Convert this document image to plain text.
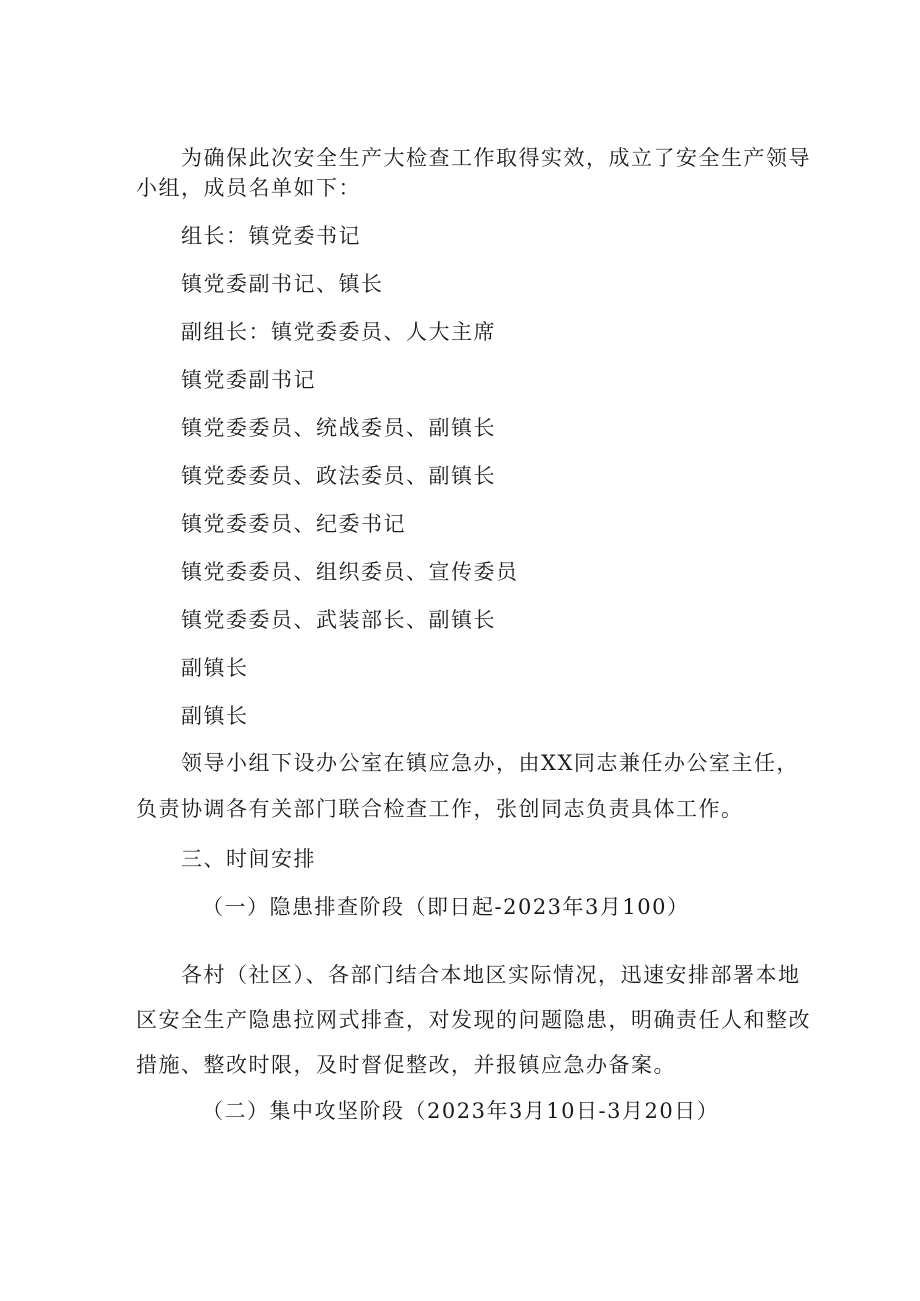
为确保此次安全生产大检查工作取得实效，成立了安全生产领导
小组，成员名单如下：
组长：镇党委书记
镇党委副书记、镇长
副组长：镇党委委员、人大主席
镇党委副书记
镇党委委员、统战委员、副镇长
镇党委委员、政法委员、副镇长
镇党委委员、纪委书记
镇党委委员、组织委员、宣传委员
镇党委委员、武装部长、副镇长
副镇长
副镇长
领导小组下设办公室在镇应急办，由XX同志兼任办公室主任，
负责协调各有关部门联合检查工作，张创同志负责具体工作。
三、时间安排
（一）隐患排查阶段（即日起-2023年3月100）
各村（社区）、各部门结合本地区实际情况，迅速安排部署本地
区安全生产隐患拉网式排查，对发现的问题隐患，明确责任人和整改
措施、整改时限，及时督促整改，并报镇应急办备案。
（二）集中攻坚阶段（2023年3月10日-3月20日）
